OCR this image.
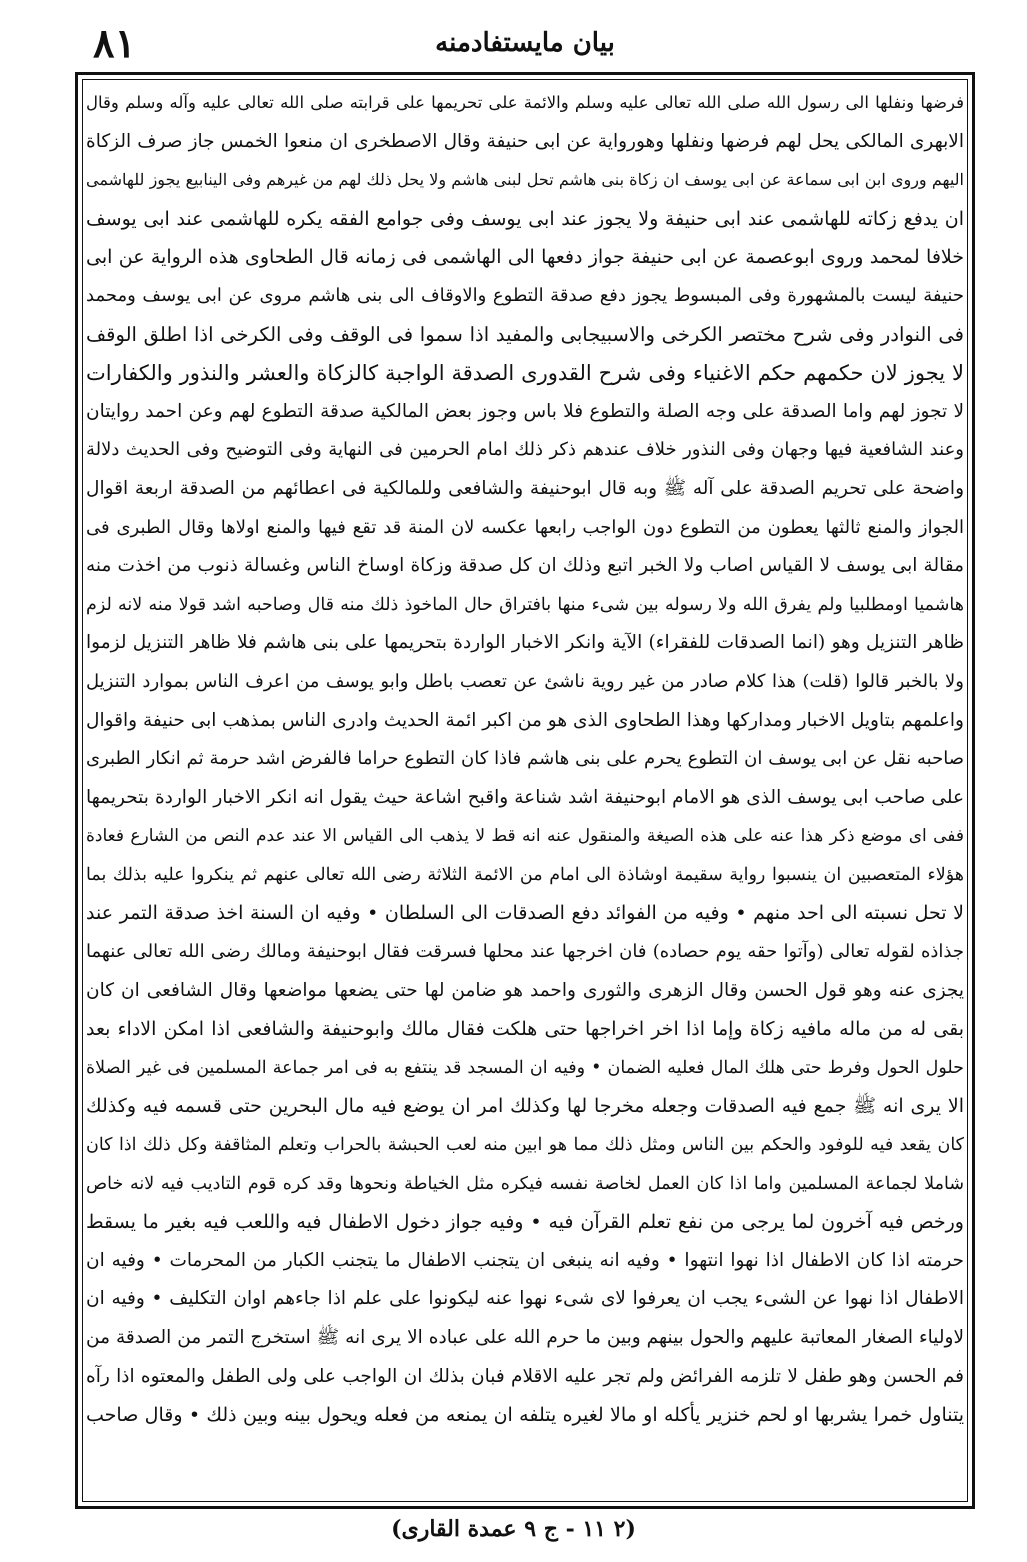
بيان مايستفادمنه
٨١
فرضها ونفلها الى رسول الله صلى الله تعالى عليه وسلم والائمة على تحريمها على قرابته صلى الله تعالى عليه وآله وسلم وقال
الابهرى المالكى يحل لهم فرضها ونفلها وهورواية عن ابى حنيفة وقال الاصطخرى ان منعوا الخمس جاز صرف الزكاة
اليهم وروى ابن ابى سماعة عن ابى يوسف ان زكاة بنى هاشم تحل لبنى هاشم ولا يحل ذلك لهم من غيرهم وفى الينابيع يجوز للهاشمى
ان يدفع زكاته للهاشمى عند ابى حنيفة ولا يجوز عند ابى يوسف وفى جوامع الفقه يكره للهاشمى عند ابى يوسف
خلافا لمحمد وروى ابوعصمة عن ابى حنيفة جواز دفعها الى الهاشمى فى زمانه قال الطحاوى هذه الرواية عن ابى
حنيفة ليست بالمشهورة وفى المبسوط يجوز دفع صدقة التطوع والاوقاف الى بنى هاشم مروى عن ابى يوسف ومحمد
فى النوادر وفى شرح مختصر الكرخى والاسبيجابى والمفيد اذا سموا فى الوقف وفى الكرخى اذا اطلق الوقف
لا يجوز لان حكمهم حكم الاغنياء وفى شرح القدورى الصدقة الواجبة كالزكاة والعشر والنذور والكفارات
لا تجوز لهم واما الصدقة على وجه الصلة والتطوع فلا باس وجوز بعض المالكية صدقة التطوع لهم وعن احمد روايتان
وعند الشافعية فيها وجهان وفى النذور خلاف عندهم ذكر ذلك امام الحرمين فى النهاية وفى التوضيح وفى الحديث دلالة
واضحة على تحريم الصدقة على آله ﷺ وبه قال ابوحنيفة والشافعى وللمالكية فى اعطائهم من الصدقة اربعة اقوال
الجواز والمنع ثالثها يعطون من التطوع دون الواجب رابعها عكسه لان المنة قد تقع فيها والمنع اولاها وقال الطبرى فى
مقالة ابى يوسف لا القياس اصاب ولا الخبر اتبع وذلك ان كل صدقة وزكاة اوساخ الناس وغسالة ذنوب من اخذت منه
هاشميا اومطلبيا ولم يفرق الله ولا رسوله بين شىء منها بافتراق حال الماخوذ ذلك منه قال وصاحبه اشد قولا منه لانه لزم
ظاهر التنزيل وهو (انما الصدقات للفقراء) الآية وانكر الاخبار الواردة بتحريمها على بنى هاشم فلا ظاهر التنزيل لزموا
ولا بالخبر قالوا (قلت) هذا كلام صادر من غير روية ناشئ عن تعصب باطل وابو يوسف من اعرف الناس بموارد التنزيل
واعلمهم بتاويل الاخبار ومداركها وهذا الطحاوى الذى هو من اكبر ائمة الحديث وادرى الناس بمذهب ابى حنيفة واقوال
صاحبه نقل عن ابى يوسف ان التطوع يحرم على بنى هاشم فاذا كان التطوع حراما فالفرض اشد حرمة ثم انكار الطبرى
على صاحب ابى يوسف الذى هو الامام ابوحنيفة اشد شناعة واقبح اشاعة حيث يقول انه انكر الاخبار الواردة بتحريمها
ففى اى موضع ذكر هذا عنه على هذه الصيغة والمنقول عنه انه قط لا يذهب الى القياس الا عند عدم النص من الشارع فعادة
هؤلاء المتعصبين ان ينسبوا رواية سقيمة اوشاذة الى امام من الائمة الثلاثة رضى الله تعالى عنهم ثم ينكروا عليه بذلك بما
لا تحل نسبته الى احد منهم • وفيه من الفوائد دفع الصدقات الى السلطان • وفيه ان السنة اخذ صدقة التمر عند
جذاذه لقوله تعالى (وآتوا حقه يوم حصاده) فان اخرجها عند محلها فسرقت فقال ابوحنيفة ومالك رضى الله تعالى عنهما
يجزى عنه وهو قول الحسن وقال الزهرى والثورى واحمد هو ضامن لها حتى يضعها مواضعها وقال الشافعى ان كان
بقى له من ماله مافيه زكاة وإما اذا اخر اخراجها حتى هلكت فقال مالك وابوحنيفة والشافعى اذا امكن الاداء بعد
حلول الحول وفرط حتى هلك المال فعليه الضمان • وفيه ان المسجد قد ينتفع به فى امر جماعة المسلمين فى غير الصلاة
الا يرى انه ﷺ جمع فيه الصدقات وجعله مخرجا لها وكذلك امر ان يوضع فيه مال البحرين حتى قسمه فيه وكذلك
كان يقعد فيه للوفود والحكم بين الناس ومثل ذلك مما هو ابين منه لعب الحبشة بالحراب وتعلم المثاقفة وكل ذلك اذا كان
شاملا لجماعة المسلمين واما اذا كان العمل لخاصة نفسه فيكره مثل الخياطة ونحوها وقد كره قوم التاديب فيه لانه خاص
ورخص فيه آخرون لما يرجى من نفع تعلم القرآن فيه • وفيه جواز دخول الاطفال فيه واللعب فيه بغير ما يسقط
حرمته اذا كان الاطفال اذا نهوا انتهوا • وفيه انه ينبغى ان يتجنب الاطفال ما يتجنب الكبار من المحرمات • وفيه ان
الاطفال اذا نهوا عن الشىء يجب ان يعرفوا لاى شىء نهوا عنه ليكونوا على علم اذا جاءهم اوان التكليف • وفيه ان
لاولياء الصغار المعاتبة عليهم والحول بينهم وبين ما حرم الله على عباده الا يرى انه ﷺ استخرج التمر من الصدقة من
فم الحسن وهو طفل لا تلزمه الفرائض ولم تجر عليه الاقلام فبان بذلك ان الواجب على ولى الطفل والمعتوه اذا رآه
يتناول خمرا يشربها او لحم خنزير يأكله او مالا لغيره يتلفه ان يمنعه من فعله ويحول بينه وبين ذلك • وقال صاحب
(٢ ١١ - ج ٩ عمدة القارى)
